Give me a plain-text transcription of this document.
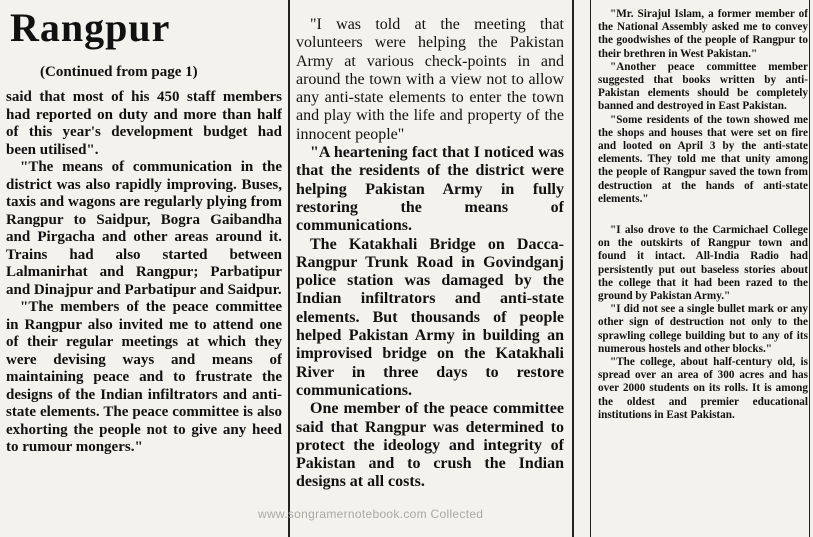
Rangpur
(Continued from page 1)

said that most of his 450 staff members had reported on duty and more than half of this year's development budget had been utilised".

"The means of communication in the district was also rapidly improving. Buses, taxis and wagons are regularly plying from Rangpur to Saidpur, Bogra Gaibandha and Pirgacha and other areas around it. Trains had also started between Lalmanirhat and Rangpur; Parbatipur and Dinajpur and Parbatipur and Saidpur.

"The members of the peace committee in Rangpur also invited me to attend one of their regular meetings at which they were devising ways and means of maintaining peace and to frustrate the designs of the Indian infiltrators and anti-state elements. The peace committee is also exhorting the people not to give any heed to rumour mongers."

"I was told at the meeting that volunteers were helping the Pakistan Army at various check-points in and around the town with a view not to allow any anti-state elements to enter the town and play with the life and property of the innocent people"

"A heartening fact that I noticed was that the residents of the district were helping Pakistan Army in fully restoring the means of communications.

The Katakhali Bridge on Dacca-Rangpur Trunk Road in Govindganj police station was damaged by the Indian infiltrators and anti-state elements. But thousands of people helped Pakistan Army in building an improvised bridge on the Katakhali River in three days to restore communications.

One member of the peace committee said that Rangpur was determined to protect the ideology and integrity of Pakistan and to crush the Indian designs at all costs.

"Mr. Sirajul Islam, a former member of the National Assembly asked me to convey the goodwishes of the people of Rangpur to their brethren in West Pakistan."

"Another peace committee member suggested that books written by anti-Pakistan elements should be completely banned and destroyed in East Pakistan.

"Some residents of the town showed me the shops and houses that were set on fire and looted on April 3 by the anti-state elements. They told me that unity among the people of Rangpur saved the town from destruction at the hands of anti-state elements."

"I also drove to the Carmichael College on the outskirts of Rangpur town and found it intact. All-India Radio had persistently put out baseless stories about the college that it had been razed to the ground by Pakistan Army."

"I did not see a single bullet mark or any other sign of destruction not only to the sprawling college building but to any of its numerous hostels and other blocks."

"The college, about half-century old, is spread over an area of 300 acres and has over 2000 students on its rolls. It is among the oldest and premier educational institutions in East Pakistan.

www.songramernotebook.com Collected
